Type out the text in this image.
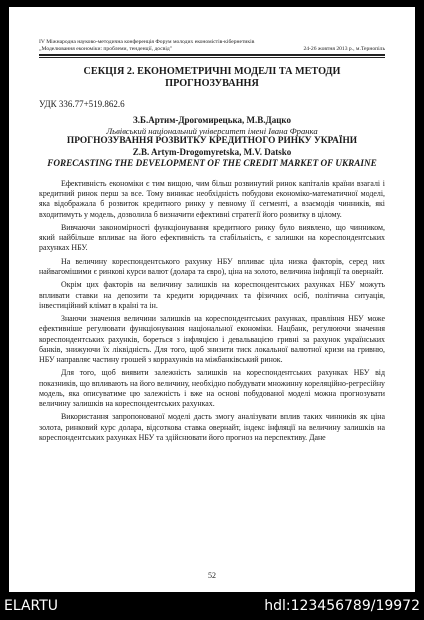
IV Міжнародна науково-методична конференція Форум молодих економістів-кібернетиків
„Моделювання економіки: проблеми, тенденції, досвід"	24-26 жовтня 2013 р., м.Тернопіль
СЕКЦІЯ 2. ЕКОНОМЕТРИЧНІ МОДЕЛІ ТА МЕТОДИ ПРОГНОЗУВАННЯ
УДК 336.77+519.862.6
З.Б.Артим-Дрогомирецька, М.В.Дацко
Львівський національний університет імені Івана Франка
ПРОГНОЗУВАННЯ РОЗВИТКУ КРЕДИТНОГО РИНКУ УКРАЇНИ
Z.B. Artym-Drogomyretska, M.V. Datsko
FORECASTING THE DEVELOPMENT OF THE CREDIT MARKET OF UKRAINE

Ефективність економіки є тим вищою, чим більш розвинутий ринок капіталів країни взагалі і кредитний ринок перш за все. Тому виникає необхідність побудови економіко-математичної моделі, яка відображала б розвиток кредитного ринку у певному її сегменті, а взаємодія чинників, які входитимуть у модель, дозволила б визначити ефективні стратегії його розвитку в цілому.

Вивчаючи закономірності функціонування кредитного ринку було виявлено, що чинником, який найбільше впливає на його ефективність та стабільність, є залишки на кореспондентських рахунках НБУ.

На величину кореспондентського рахунку НБУ впливає ціла низка факторів, серед них найвагомішими є ринкові курси валют (долара та євро), ціна на золото, величина інфляції та овернайт.

Окрім цих факторів на величину залишків на кореспондентських рахунках НБУ можуть впливати ставки на депозити та кредити юридичних та фізичних осіб, політична ситуація, інвестиційний клімат в країні та ін.

Знаючи значення величини залишків на кореспондентських рахунках, правління НБУ може ефективніше регулювати функціонування національної економіки. Нацбанк, регулюючи значення кореспондентських рахунків, бореться з інфляцією і девальвацією гривні за рахунок українських банків, знижуючи їх ліквідність. Для того, щоб знизити тиск локальної валютної кризи на гривню, НБУ направляє частину грошей з коррахунків на міжбанківський ринок.

Для того, щоб виявити залежність залишків на кореспондентських рахунках НБУ від показників, що впливають на його величину, необхідно побудувати множинну кореляційно-регресійну модель, яка описуватиме цю залежність і вже на основі побудованої моделі можна прогнозувати величину залишків на кореспондентських рахунках.

Використання запропонованої моделі дасть змогу аналізувати вплив таких чинників як ціна золота, ринковий курс долара, відсоткова ставка овернайт, індекс інфляції на величину залишків на кореспондентських рахунках НБУ та здійснювати його прогноз на перспективу. Дане

52
ELARTU	hdl:123456789/19972
